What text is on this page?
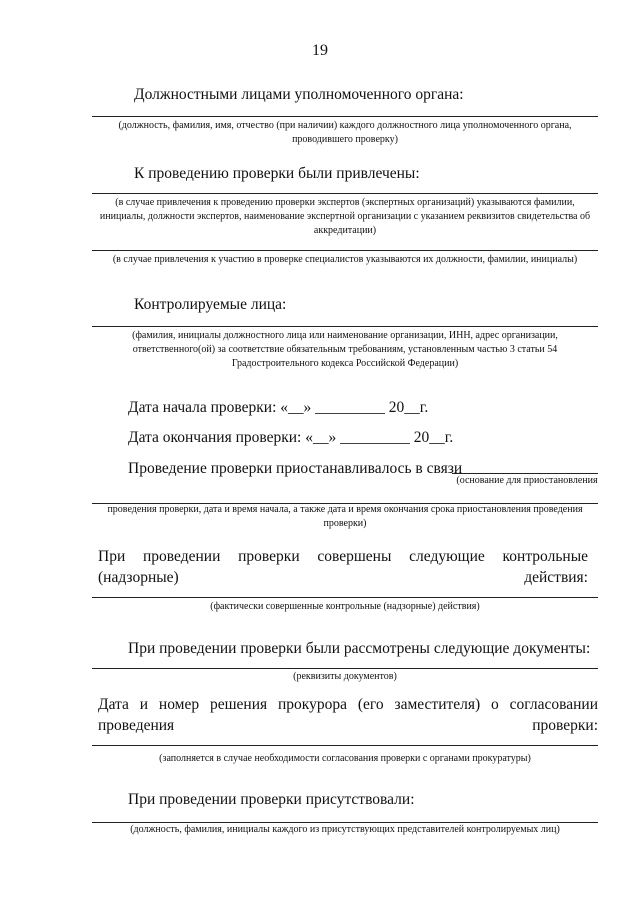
19
Должностными лицами уполномоченного органа:
(должность, фамилия, имя, отчество (при наличии) каждого должностного лица уполномоченного органа, проводившего проверку)
К проведению проверки были привлечены:
(в случае привлечения к проведению проверки экспертов (экспертных организаций) указываются фамилии, инициалы, должности экспертов, наименование экспертной организации с указанием реквизитов свидетельства об аккредитации)
(в случае привлечения к участию в проверке специалистов указываются их должности, фамилии, инициалы)
Контролируемые лица:
(фамилия, инициалы должностного лица или наименование организации, ИНН, адрес организации, ответственного(ой) за соответствие обязательным требованиям, установленным частью 3 статьи 54 Градостроительного кодекса Российской Федерации)
Дата начала проверки: «__» _________ 20__г.
Дата окончания проверки: «__» _________ 20__г.
Проведение проверки приостанавливалось в связи
(основание для приостановления
проведения проверки, дата и время начала, а также дата и время окончания срока приостановления проведения проверки)
При проведении проверки совершены следующие контрольные (надзорные) действия:
(фактически совершенные контрольные (надзорные) действия)
При проведении проверки были рассмотрены следующие документы:
(реквизиты документов)
Дата и номер решения прокурора (его заместителя) о согласовании проведения проверки:
(заполняется в случае необходимости согласования проверки с органами прокуратуры)
При проведении проверки присутствовали:
(должность, фамилия, инициалы каждого из присутствующих представителей контролируемых лиц)
